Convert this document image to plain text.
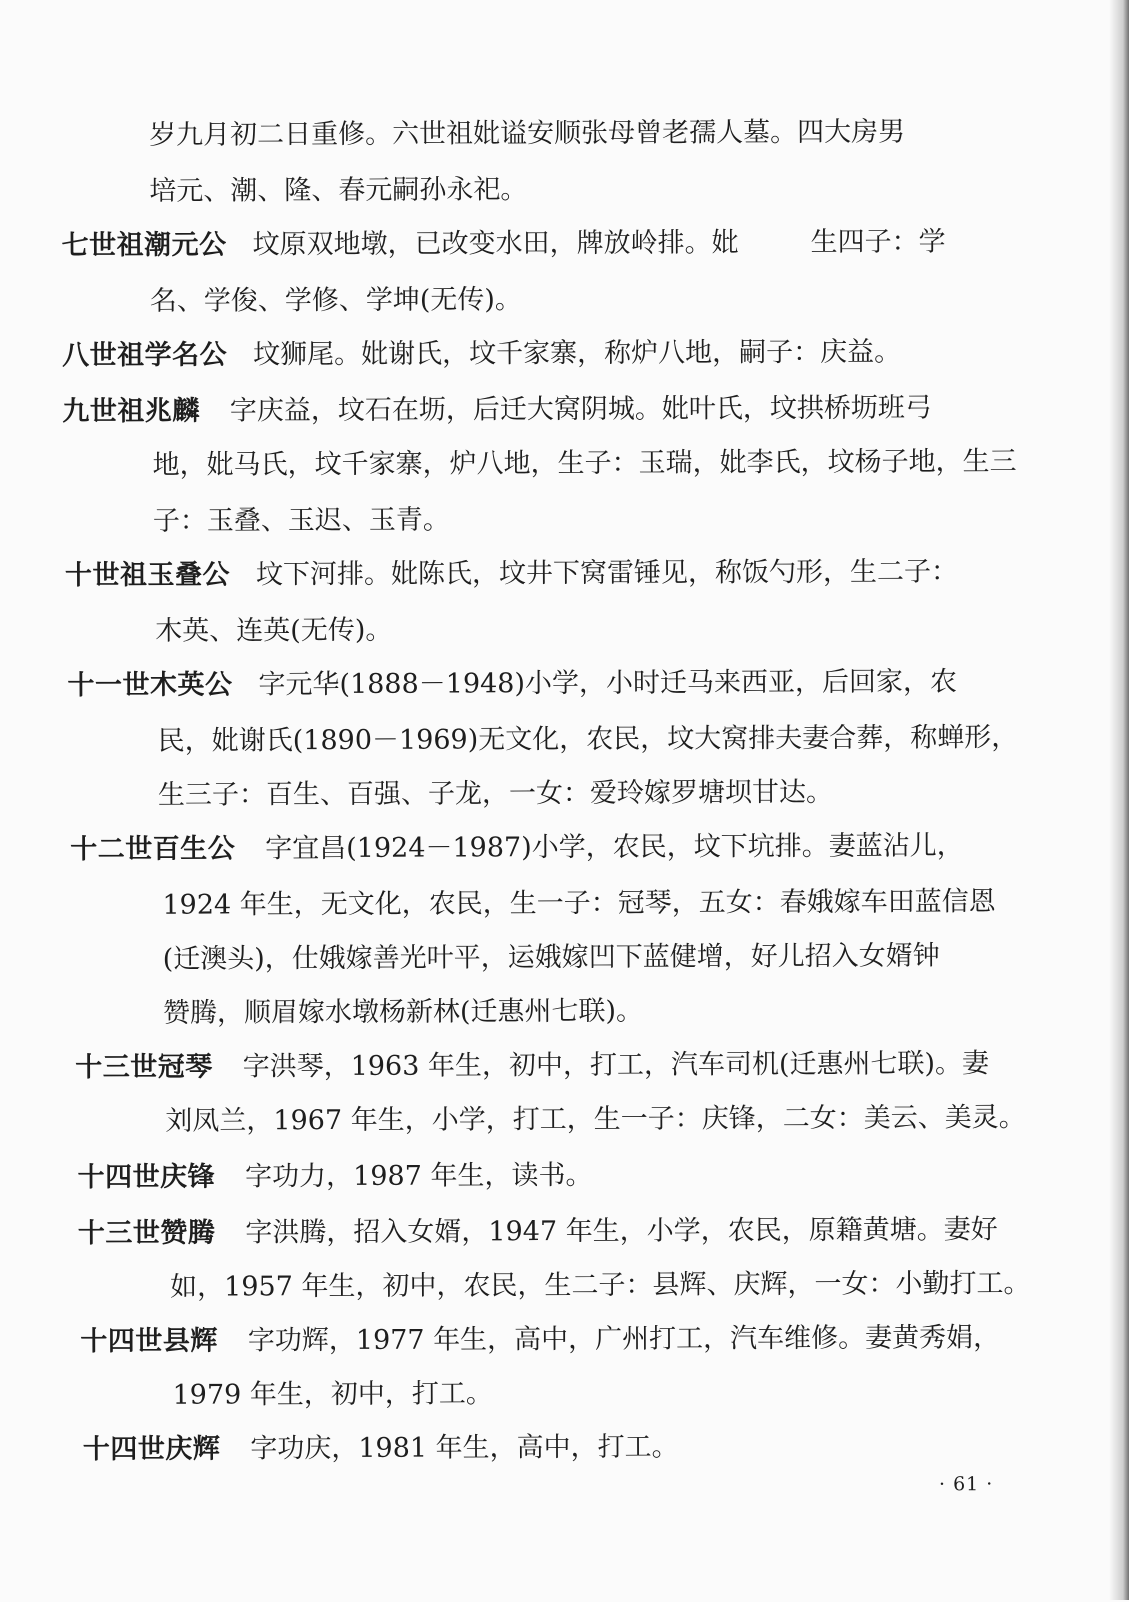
岁九月初二日重修。六世祖妣谥安顺张母曾老孺人墓。四大房男
培元、潮、隆、春元嗣孙永祀。
七世祖潮元公 坟原双地墩，已改变水田，牌放岭排。妣	生四子：学
名、学俊、学修、学坤(无传)。
八世祖学名公 坟狮尾。妣谢氏，坟千家寨，称炉八地，嗣子：庆益。
九世祖兆麟 字庆益，坟石在坜，后迁大窝阴城。妣叶氏，坟拱桥坜班弓
地，妣马氏，坟千家寨，炉八地，生子：玉瑞，妣李氏，坟杨子地，生三
子：玉叠、玉迟、玉青。
十世祖玉叠公 坟下河排。妣陈氏，坟井下窝雷锤见，称饭勺形，生二子：
木英、连英(无传)。
十一世木英公 字元华(1888－1948)小学，小时迁马来西亚，后回家，农
民，妣谢氏(1890－1969)无文化，农民，坟大窝排夫妻合葬，称蝉形，
生三子：百生、百强、子龙，一女：爱玲嫁罗塘坝甘达。
十二世百生公 字宜昌(1924－1987)小学，农民，坟下坑排。妻蓝沾儿，
1924 年生，无文化，农民，生一子：冠琴，五女：春娥嫁车田蓝信恩
(迁澳头)，仕娥嫁善光叶平，运娥嫁凹下蓝健增，好儿招入女婿钟
赞腾，顺眉嫁水墩杨新林(迁惠州七联)。
十三世冠琴 字洪琴，1963 年生，初中，打工，汽车司机(迁惠州七联)。妻
刘凤兰，1967 年生，小学，打工，生一子：庆锋，二女：美云、美灵。
十四世庆锋 字功力，1987 年生，读书。
十三世赞腾 字洪腾，招入女婿，1947 年生，小学，农民，原籍黄塘。妻好
如，1957 年生，初中，农民，生二子：县辉、庆辉，一女：小勤打工。
十四世县辉 字功辉，1977 年生，高中，广州打工，汽车维修。妻黄秀娟，
1979 年生，初中，打工。
十四世庆辉 字功庆，1981 年生，高中，打工。
· 61 ·
